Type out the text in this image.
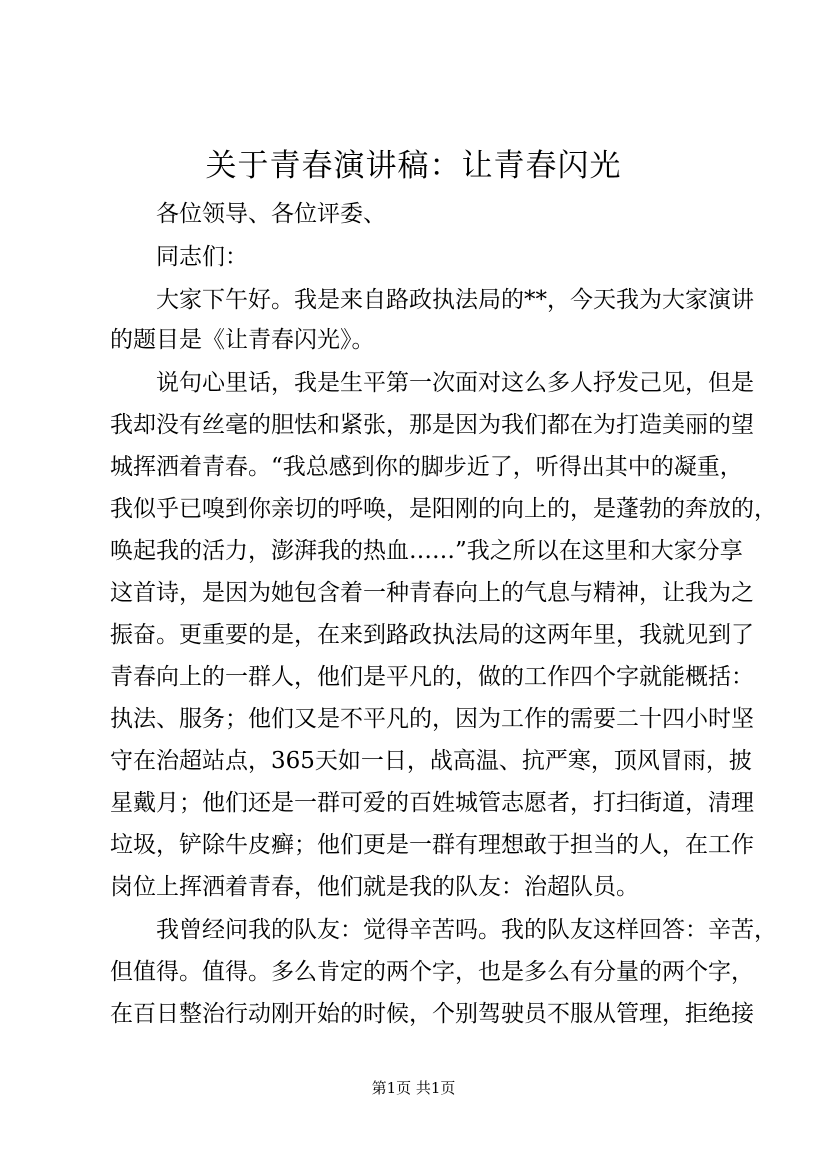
关于青春演讲稿：让青春闪光
各位领导、各位评委、
同志们：
大家下午好。我是来自路政执法局的**，今天我为大家演讲
的题目是《让青春闪光》。
说句心里话，我是生平第一次面对这么多人抒发己见，但是
我却没有丝毫的胆怯和紧张，那是因为我们都在为打造美丽的望
城挥洒着青春。“我总感到你的脚步近了，听得出其中的凝重，
我似乎已嗅到你亲切的呼唤，是阳刚的向上的，是蓬勃的奔放的，
唤起我的活力，澎湃我的热血……”我之所以在这里和大家分享
这首诗，是因为她包含着一种青春向上的气息与精神，让我为之
振奋。更重要的是，在来到路政执法局的这两年里，我就见到了
青春向上的一群人，他们是平凡的，做的工作四个字就能概括：
执法、服务；他们又是不平凡的，因为工作的需要二十四小时坚
守在治超站点，365天如一日，战高温、抗严寒，顶风冒雨，披
星戴月；他们还是一群可爱的百姓城管志愿者，打扫街道，清理
垃圾，铲除牛皮癣；他们更是一群有理想敢于担当的人，在工作
岗位上挥洒着青春，他们就是我的队友：治超队员。
我曾经问我的队友：觉得辛苦吗。我的队友这样回答：辛苦，
但值得。值得。多么肯定的两个字，也是多么有分量的两个字，
在百日整治行动刚开始的时候，个别驾驶员不服从管理，拒绝接
第1页 共1页
